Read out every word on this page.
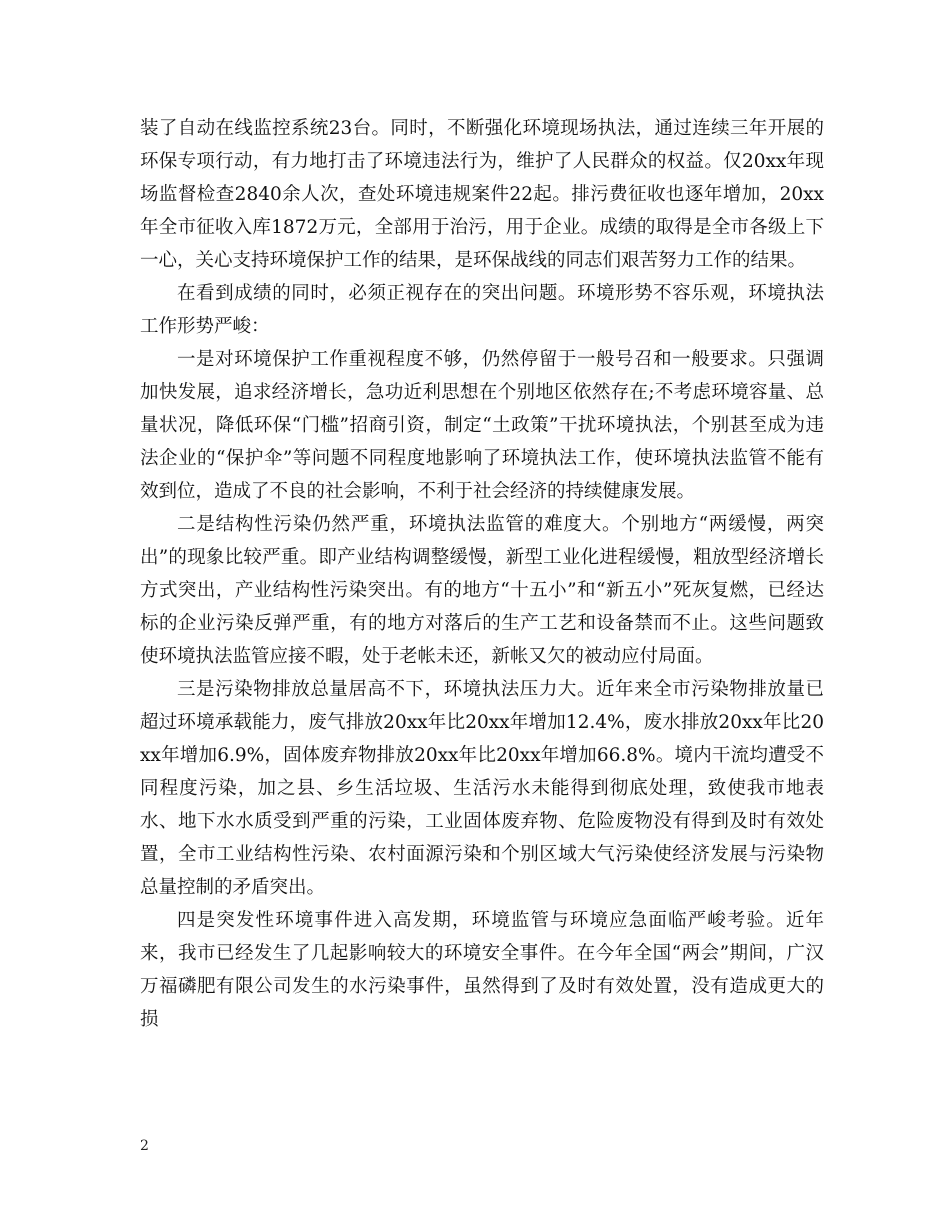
装了自动在线监控系统23台。同时，不断强化环境现场执法，通过连续三年开展的环保专项行动，有力地打击了环境违法行为，维护了人民群众的权益。仅20xx年现场监督检查2840余人次，查处环境违规案件22起。排污费征收也逐年增加，20xx年全市征收入库1872万元，全部用于治污，用于企业。成绩的取得是全市各级上下一心，关心支持环境保护工作的结果，是环保战线的同志们艰苦努力工作的结果。

在看到成绩的同时，必须正视存在的突出问题。环境形势不容乐观，环境执法工作形势严峻：

一是对环境保护工作重视程度不够，仍然停留于一般号召和一般要求。只强调加快发展，追求经济增长，急功近利思想在个别地区依然存在;不考虑环境容量、总量状况，降低环保“门槛”招商引资，制定“土政策”干扰环境执法，个别甚至成为违法企业的“保护伞”等问题不同程度地影响了环境执法工作，使环境执法监管不能有效到位，造成了不良的社会影响，不利于社会经济的持续健康发展。

二是结构性污染仍然严重，环境执法监管的难度大。个别地方“两缓慢，两突出”的现象比较严重。即产业结构调整缓慢，新型工业化进程缓慢，粗放型经济增长方式突出，产业结构性污染突出。有的地方“十五小”和“新五小”死灰复燃，已经达标的企业污染反弹严重，有的地方对落后的生产工艺和设备禁而不止。这些问题致使环境执法监管应接不暇，处于老帐未还，新帐又欠的被动应付局面。

三是污染物排放总量居高不下，环境执法压力大。近年来全市污染物排放量已超过环境承载能力，废气排放20xx年比20xx年增加12.4%，废水排放20xx年比20xx年增加6.9%，固体废弃物排放20xx年比20xx年增加66.8%。境内干流均遭受不同程度污染，加之县、乡生活垃圾、生活污水未能得到彻底处理，致使我市地表水、地下水水质受到严重的污染，工业固体废弃物、危险废物没有得到及时有效处置，全市工业结构性污染、农村面源污染和个别区域大气污染使经济发展与污染物总量控制的矛盾突出。

四是突发性环境事件进入高发期，环境监管与环境应急面临严峻考验。近年来，我市已经发生了几起影响较大的环境安全事件。在今年全国“两会”期间，广汉万福磷肥有限公司发生的水污染事件，虽然得到了及时有效处置，没有造成更大的损

2
